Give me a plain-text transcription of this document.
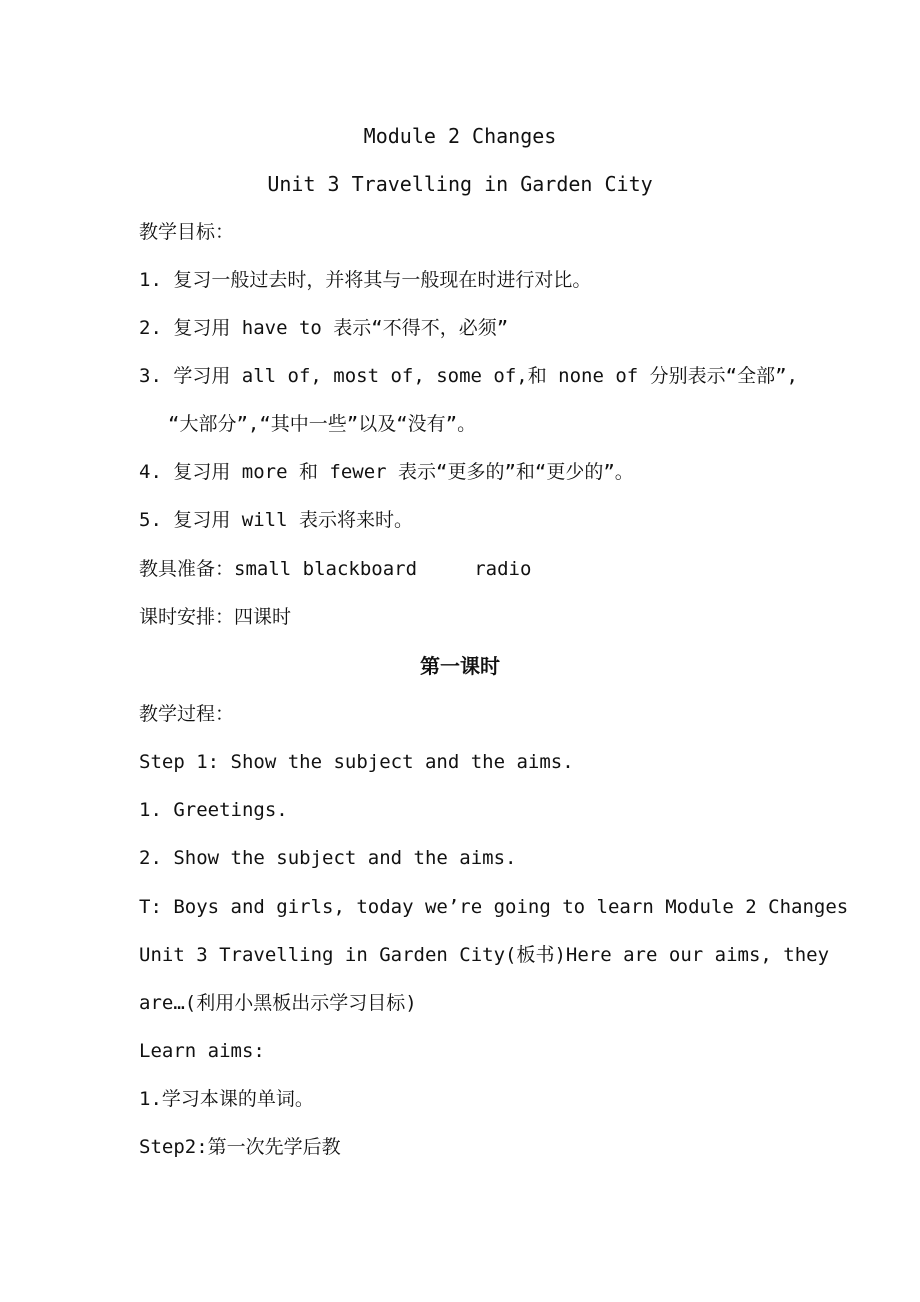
Module 2 Changes
Unit 3 Travelling in Garden City
教学目标：
1. 复习一般过去时，并将其与一般现在时进行对比。
2. 复习用 have to 表示“不得不，必须”
3. 学习用 all of, most of, some of,和 none of 分别表示“全部”,
“大部分”,“其中一些”以及“没有”。
4. 复习用 more 和 fewer 表示“更多的”和“更少的”。
5. 复习用 will 表示将来时。
教具准备：small blackboard     radio
课时安排：四课时
第一课时
教学过程：
Step 1: Show the subject and the aims.
1. Greetings.
2. Show the subject and the aims.
T: Boys and girls, today we’re going to learn Module 2 Changes
Unit 3 Travelling in Garden City(板书)Here are our aims, they
are…(利用小黑板出示学习目标)
Learn aims:
1.学习本课的单词。
Step2:第一次先学后教
